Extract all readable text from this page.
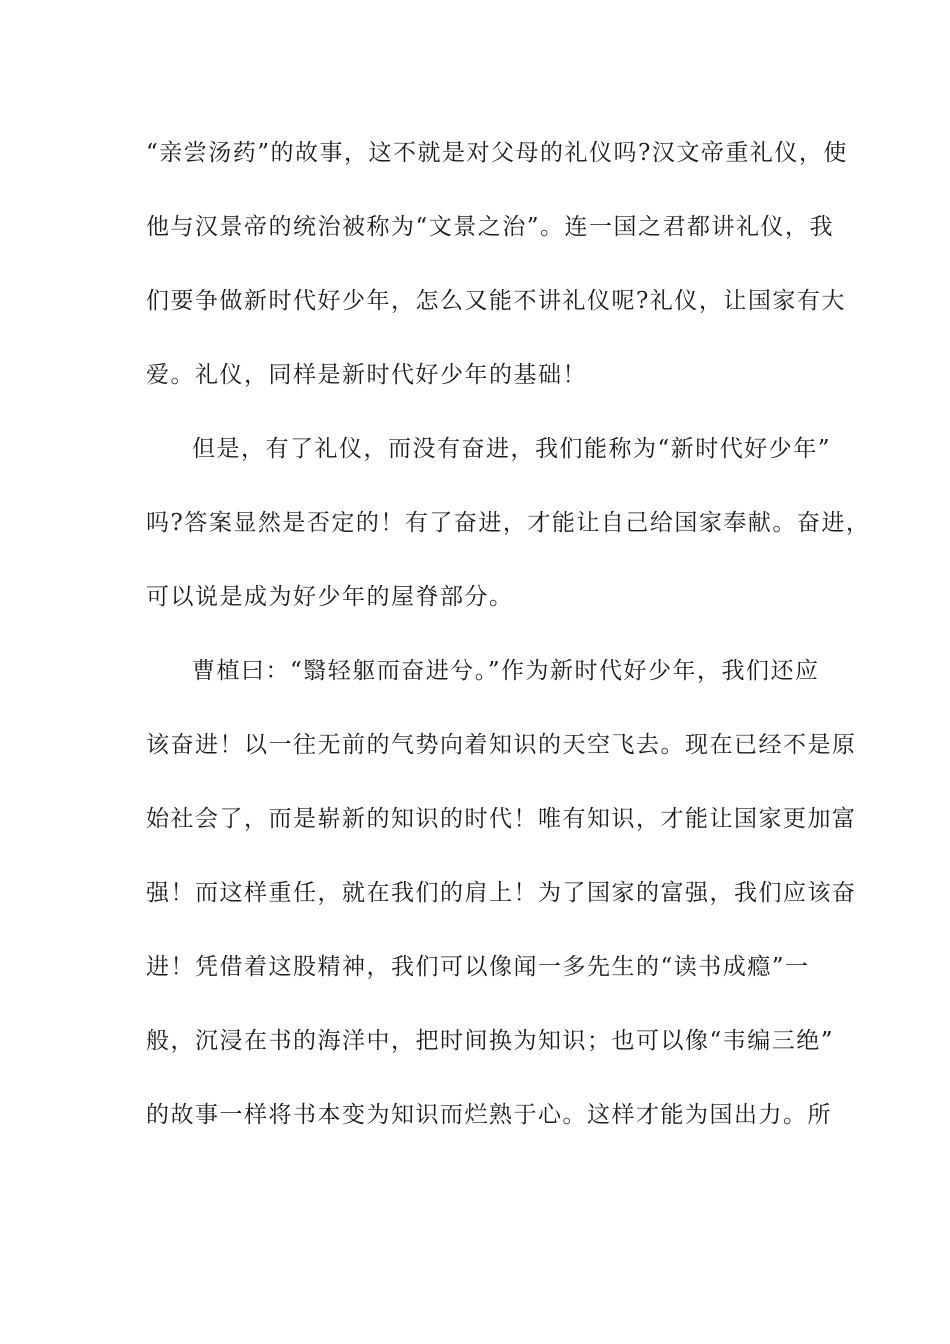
“亲尝汤药”的故事，这不就是对父母的礼仪吗?汉文帝重礼仪，使
他与汉景帝的统治被称为“文景之治”。连一国之君都讲礼仪，我
们要争做新时代好少年，怎么又能不讲礼仪呢?礼仪，让国家有大
爱。礼仪，同样是新时代好少年的基础！
但是，有了礼仪，而没有奋进，我们能称为“新时代好少年”
吗?答案显然是否定的！有了奋进，才能让自己给国家奉献。奋进，
可以说是成为好少年的屋脊部分。
曹植曰：“翳轻躯而奋进兮。”作为新时代好少年，我们还应
该奋进！以一往无前的气势向着知识的天空飞去。现在已经不是原
始社会了，而是崭新的知识的时代！唯有知识，才能让国家更加富
强！而这样重任，就在我们的肩上！为了国家的富强，我们应该奋
进！凭借着这股精神，我们可以像闻一多先生的“读书成瘾”一
般，沉浸在书的海洋中，把时间换为知识；也可以像“韦编三绝”
的故事一样将书本变为知识而烂熟于心。这样才能为国出力。所
